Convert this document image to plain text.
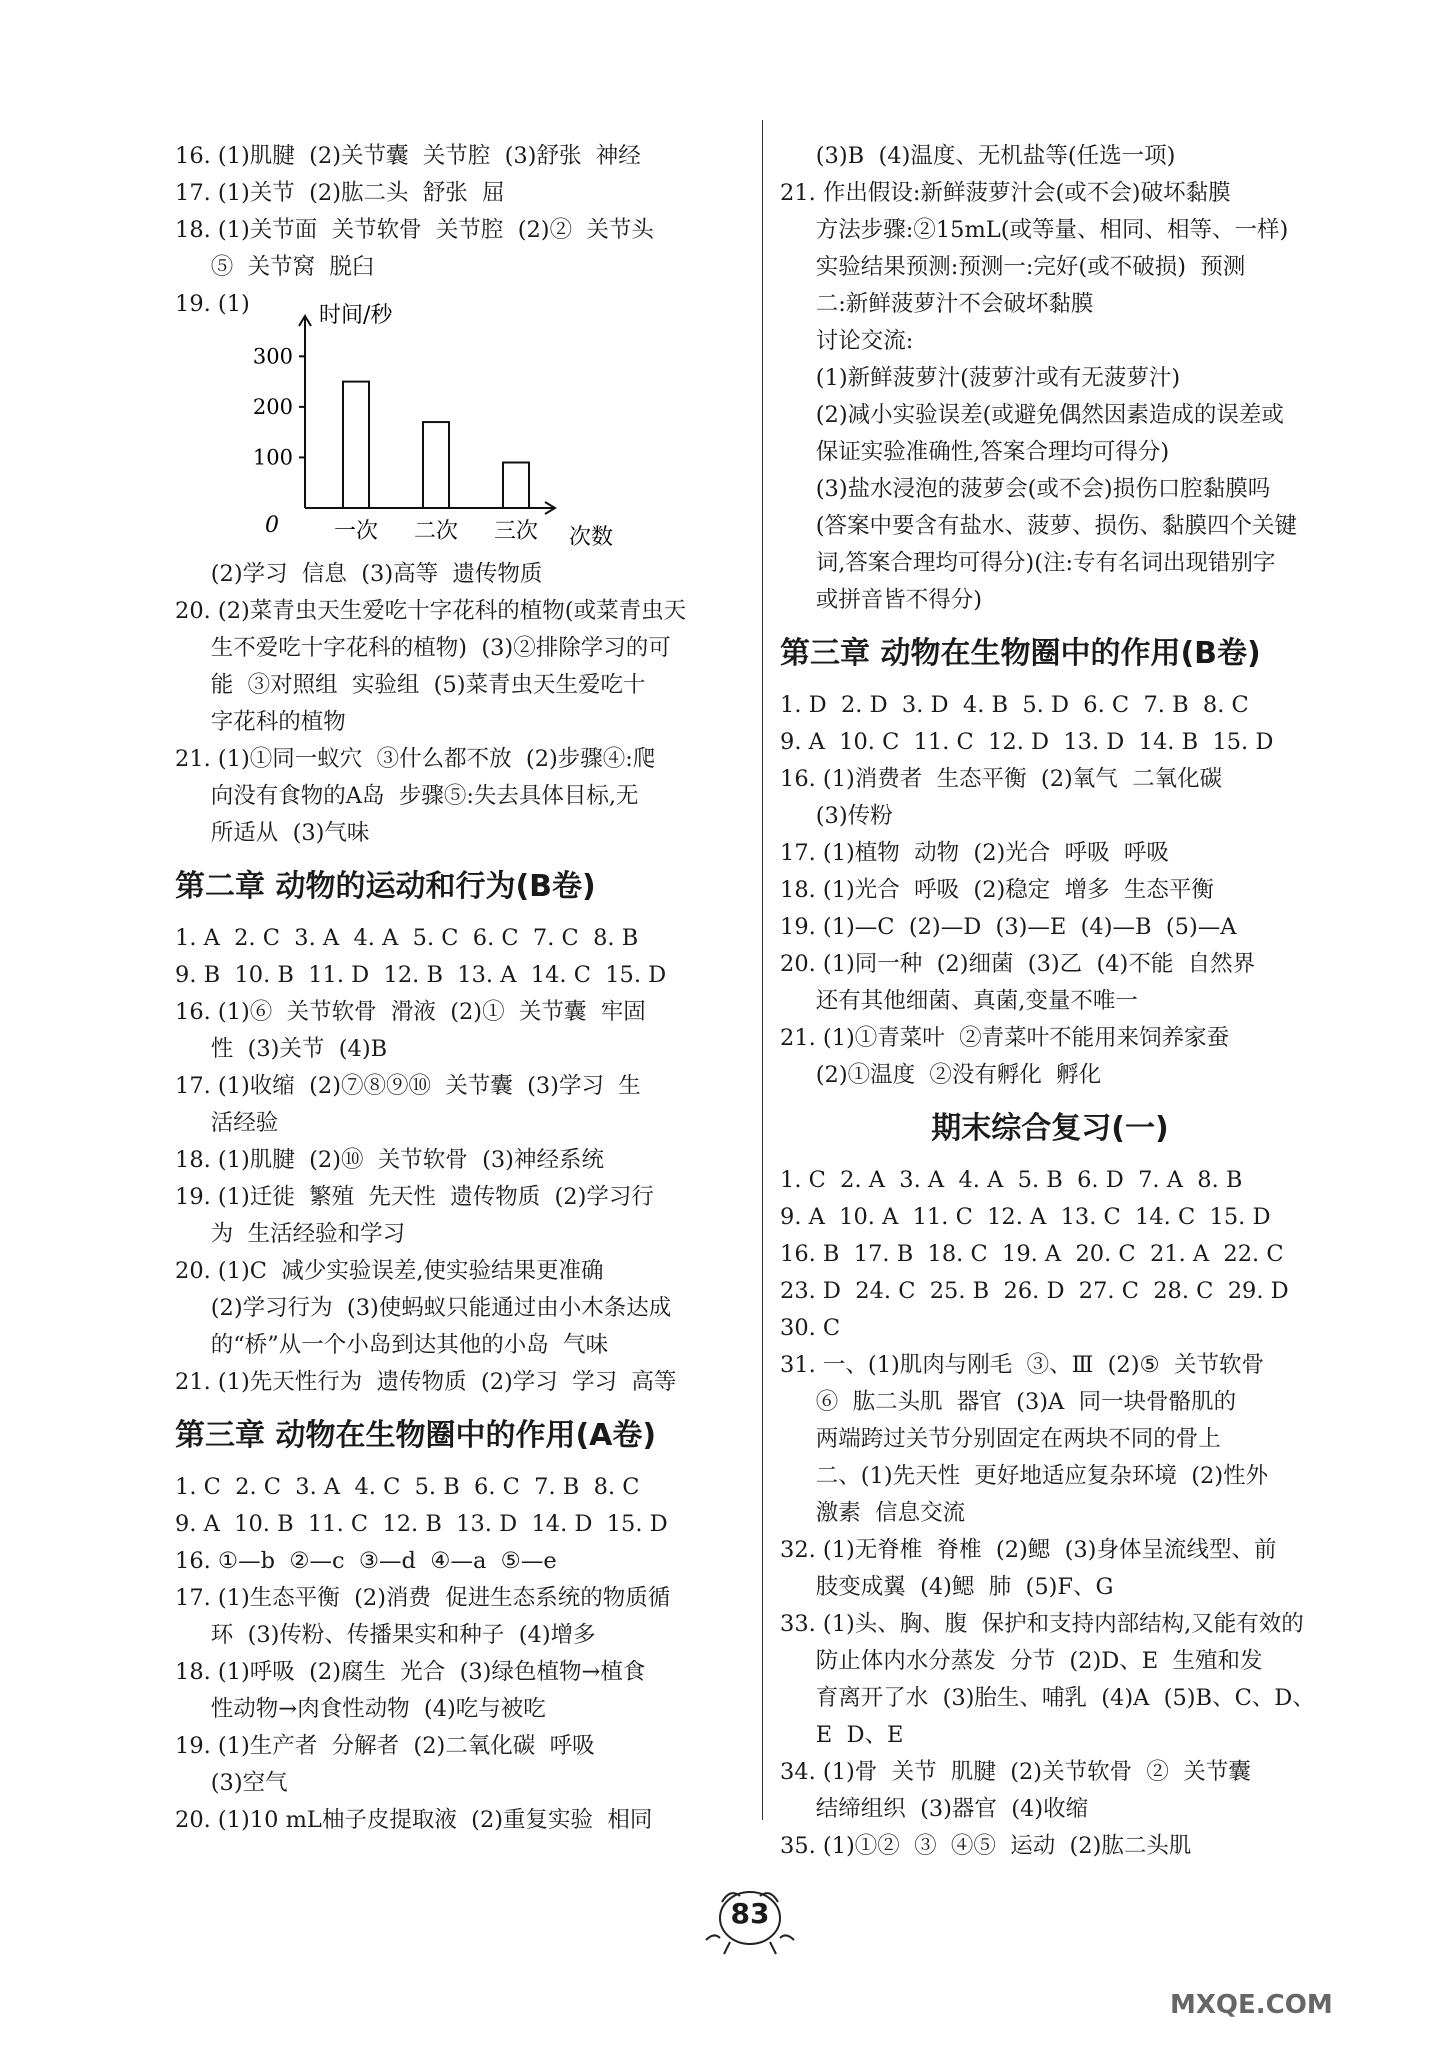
16. (1)肌腱  (2)关节囊  关节腔  (3)舒张  神经
17. (1)关节  (2)肱二头  舒张  屈
18. (1)关节面  关节软骨  关节腔  (2)②  关节头
⑤  关节窝  脱臼
19. (1)	时间/秒
300
200
100
0 一次 二次 三次 次数
(2)学习  信息  (3)高等  遗传物质
20. (2)菜青虫天生爱吃十字花科的植物(或菜青虫天
生不爱吃十字花科的植物)  (3)②排除学习的可
能  ③对照组  实验组  (5)菜青虫天生爱吃十
字花科的植物
21. (1)①同一蚁穴  ③什么都不放  (2)步骤④:爬
向没有食物的A岛  步骤⑤:失去具体目标,无
所适从  (3)气味
第二章 动物的运动和行为(B卷)
1. A  2. C  3. A  4. A  5. C  6. C  7. C  8. B
9. B  10. B  11. D  12. B  13. A  14. C  15. D
16. (1)⑥  关节软骨  滑液  (2)①  关节囊  牢固
性  (3)关节  (4)B
17. (1)收缩  (2)⑦⑧⑨⑩  关节囊  (3)学习  生
活经验
18. (1)肌腱  (2)⑩  关节软骨  (3)神经系统
19. (1)迁徙  繁殖  先天性  遗传物质  (2)学习行
为  生活经验和学习
20. (1)C  减少实验误差,使实验结果更准确
(2)学习行为  (3)使蚂蚁只能通过由小木条达成
的“桥”从一个小岛到达其他的小岛  气味
21. (1)先天性行为  遗传物质  (2)学习  学习  高等
第三章 动物在生物圈中的作用(A卷)
1. C  2. C  3. A  4. C  5. B  6. C  7. B  8. C
9. A  10. B  11. C  12. B  13. D  14. D  15. D
16. ①—b  ②—c  ③—d  ④—a  ⑤—e
17. (1)生态平衡  (2)消费  促进生态系统的物质循
环  (3)传粉、传播果实和种子  (4)增多
18. (1)呼吸  (2)腐生  光合  (3)绿色植物→植食
性动物→肉食性动物  (4)吃与被吃
19. (1)生产者  分解者  (2)二氧化碳  呼吸
(3)空气
20. (1)10 mL柚子皮提取液  (2)重复实验  相同
(3)B  (4)温度、无机盐等(任选一项)
21. 作出假设:新鲜菠萝汁会(或不会)破坏黏膜
方法步骤:②15mL(或等量、相同、相等、一样)
实验结果预测:预测一:完好(或不破损)  预测
二:新鲜菠萝汁不会破坏黏膜
讨论交流:
(1)新鲜菠萝汁(菠萝汁或有无菠萝汁)
(2)减小实验误差(或避免偶然因素造成的误差或
保证实验准确性,答案合理均可得分)
(3)盐水浸泡的菠萝会(或不会)损伤口腔黏膜吗
(答案中要含有盐水、菠萝、损伤、黏膜四个关键
词,答案合理均可得分)(注:专有名词出现错别字
或拼音皆不得分)
第三章 动物在生物圈中的作用(B卷)
1. D  2. D  3. D  4. B  5. D  6. C  7. B  8. C
9. A  10. C  11. C  12. D  13. D  14. B  15. D
16. (1)消费者  生态平衡  (2)氧气  二氧化碳
(3)传粉
17. (1)植物  动物  (2)光合  呼吸  呼吸
18. (1)光合  呼吸  (2)稳定  增多  生态平衡
19. (1)—C  (2)—D  (3)—E  (4)—B  (5)—A
20. (1)同一种  (2)细菌  (3)乙  (4)不能  自然界
还有其他细菌、真菌,变量不唯一
21. (1)①青菜叶  ②青菜叶不能用来饲养家蚕
(2)①温度  ②没有孵化  孵化
期末综合复习(一)
1. C  2. A  3. A  4. A  5. B  6. D  7. A  8. B
9. A  10. A  11. C  12. A  13. C  14. C  15. D
16. B  17. B  18. C  19. A  20. C  21. A  22. C
23. D  24. C  25. B  26. D  27. C  28. C  29. D
30. C
31. 一、(1)肌肉与刚毛  ③、Ⅲ  (2)⑤  关节软骨
⑥  肱二头肌  器官  (3)A  同一块骨骼肌的
两端跨过关节分别固定在两块不同的骨上
二、(1)先天性  更好地适应复杂环境  (2)性外
激素  信息交流
32. (1)无脊椎  脊椎  (2)鳃  (3)身体呈流线型、前
肢变成翼  (4)鳃  肺  (5)F、G
33. (1)头、胸、腹  保护和支持内部结构,又能有效的
防止体内水分蒸发  分节  (2)D、E  生殖和发
育离开了水  (3)胎生、哺乳  (4)A  (5)B、C、D、
E  D、E
34. (1)骨  关节  肌腱  (2)关节软骨  ②  关节囊
结缔组织  (3)器官  (4)收缩
35. (1)①②  ③  ④⑤  运动  (2)肱二头肌
83
MXQE.COM
